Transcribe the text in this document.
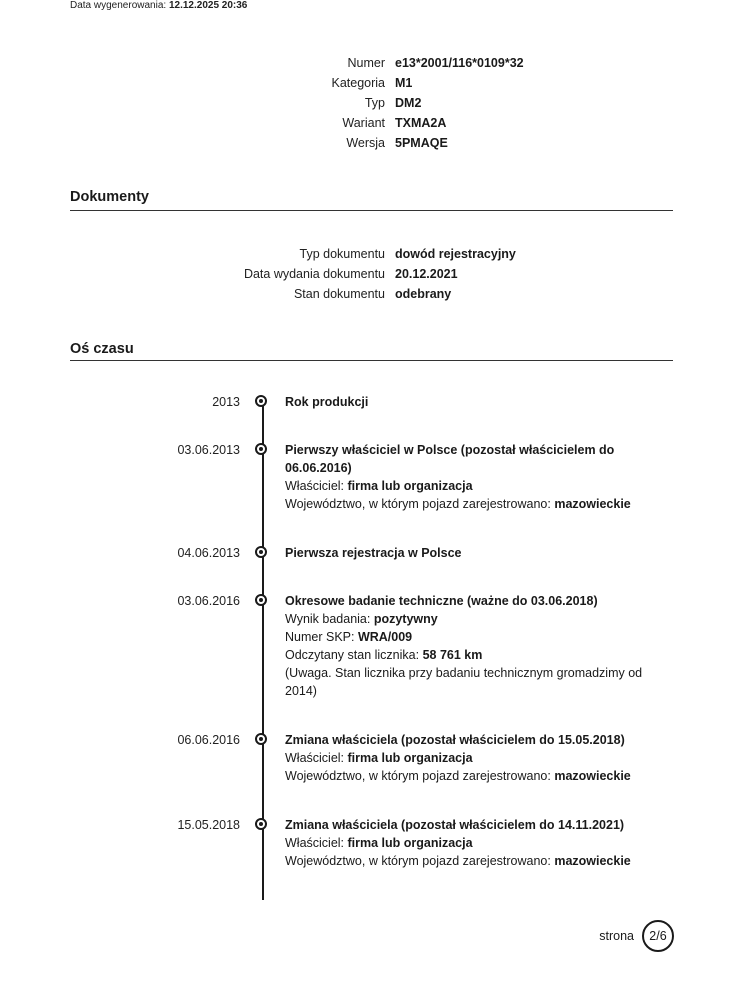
Data wygenerowania: 12.12.2025 20:36
Numer e13*2001/116*0109*32
Kategoria M1
Typ DM2
Wariant TXMA2A
Wersja 5PMAQE
Dokumenty
Typ dokumentu dowód rejestracyjny
Data wydania dokumentu 20.12.2021
Stan dokumentu odebrany
Oś czasu
2013	Rok produkcji
03.06.2013	Pierwszy właściciel w Polsce (pozostał właścicielem do 06.06.2016)
Właściciel: firma lub organizacja
Województwo, w którym pojazd zarejestrowano: mazowieckie
04.06.2013	Pierwsza rejestracja w Polsce
03.06.2016	Okresowe badanie techniczne (ważne do 03.06.2018)
Wynik badania: pozytywny
Numer SKP: WRA/009
Odczytany stan licznika: 58 761 km
(Uwaga. Stan licznika przy badaniu technicznym gromadzimy od 2014)
06.06.2016	Zmiana właściciela (pozostał właścicielem do 15.05.2018)
Właściciel: firma lub organizacja
Województwo, w którym pojazd zarejestrowano: mazowieckie
15.05.2018	Zmiana właściciela (pozostał właścicielem do 14.11.2021)
Właściciel: firma lub organizacja
Województwo, w którym pojazd zarejestrowano: mazowieckie
strona	2/6
